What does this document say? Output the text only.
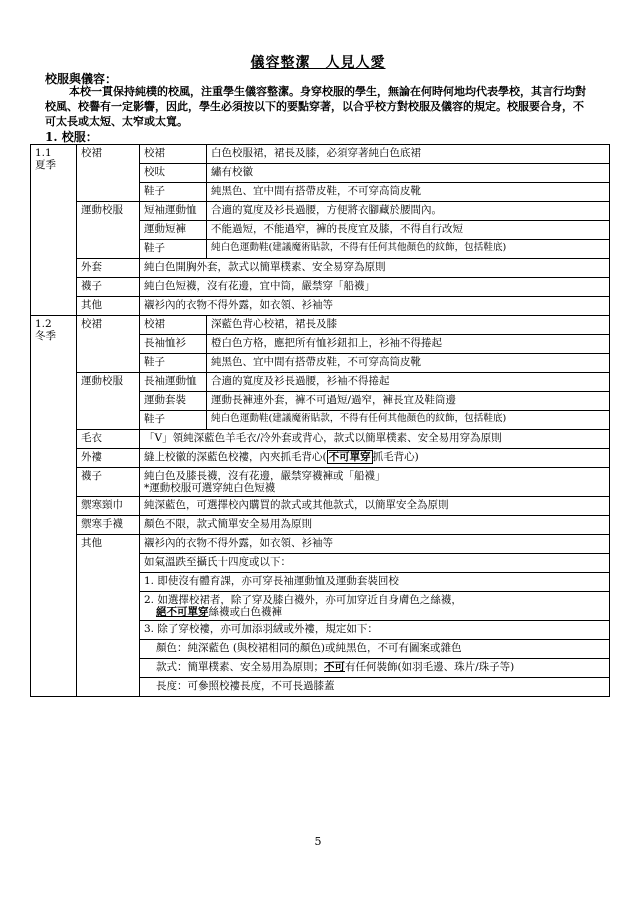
儀容整潔　人見人愛
校服與儀容：
本校一貫保持純樸的校風，注重學生儀容整潔。身穿校服的學生，無論在何時何地均代表學校，其言行均對校風、校譽有一定影響，因此，學生必須按以下的要點穿著，以合乎校方對校服及儀容的規定。校服要合身，不可太長或太短、太窄或太寬。
1. 校服：
1.1
夏季	校裙	校裙	白色校服裙，裙長及膝，必須穿著純白色底裙
		校呔	繡有校徽
		鞋子	純黑色、宜中間有搭帶皮鞋，不可穿高筒皮靴
	運動校服	短袖運動恤	合適的寬度及衫長過腰，方便將衣腳藏於腰間內。
		運動短褲	不能過短，不能過窄，褲的長度宜及膝，不得自行改短
		鞋子	純白色運動鞋(建議魔術貼款，不得有任何其他顏色的紋飾，包括鞋底)
	外套	純白色開胸外套，款式以簡單樸素、安全易穿為原則	
	襪子	純白色短襪，沒有花邊，宜中筒，嚴禁穿「船襪」	
	其他	襯衫內的衣物不得外露，如衣領、衫袖等	
1.2
冬季	校裙	校裙	深藍色背心校裙，裙長及膝
		長袖恤衫	橙白色方格，應把所有恤衫鈕扣上，衫袖不得捲起
		鞋子	純黑色、宜中間有搭帶皮鞋，不可穿高筒皮靴
	運動校服	長袖運動恤	合適的寬度及衫長過腰，衫袖不得捲起
		運動套裝	運動長褲連外套，褲不可過短/過窄，褲長宜及鞋筒邊
		鞋子	純白色運動鞋(建議魔術貼款，不得有任何其他顏色的紋飾，包括鞋底)
	毛衣	「V」領純深藍色羊毛衣/冷外套或背心，款式以簡單樸素、安全易用穿為原則	
	外褸	縫上校徽的深藍色校褸，內夾抓毛背心( 不可單穿 抓毛背心)	
	襪子	純白色及膝長襪，沒有花邊，嚴禁穿襪褲或「船襪」
*運動校服可選穿純白色短襪	

	禦寒頸巾	純深藍色，可選擇校內購買的款式或其他款式，以簡單安全為原則	
	禦寒手襪	顏色不限，款式簡單安全易用為原則	
	其他	襯衫內的衣物不得外露，如衣領、衫袖等	
		如氣溫跌至攝氏十四度或以下：	
		1. 即使沒有體育課，亦可穿長袖運動恤及運動套裝回校	

		2. 如選擇校裙者，除了穿及膝白襪外，亦可加穿近自身膚色之絲襪，
絕不可單穿絲襪或白色襪褲	

		3. 除了穿校褸，亦可加添羽絨或外褸，規定如下：	

		顏色：純深藍色 (與校裙相同的顏色)或純黑色，不可有圖案或雜色	

		款式：簡單樸素、安全易用為原則；不可有任何裝飾(如羽毛邊、珠片/珠子等)	

		長度：可參照校褸長度，不可長過膝蓋	
5
